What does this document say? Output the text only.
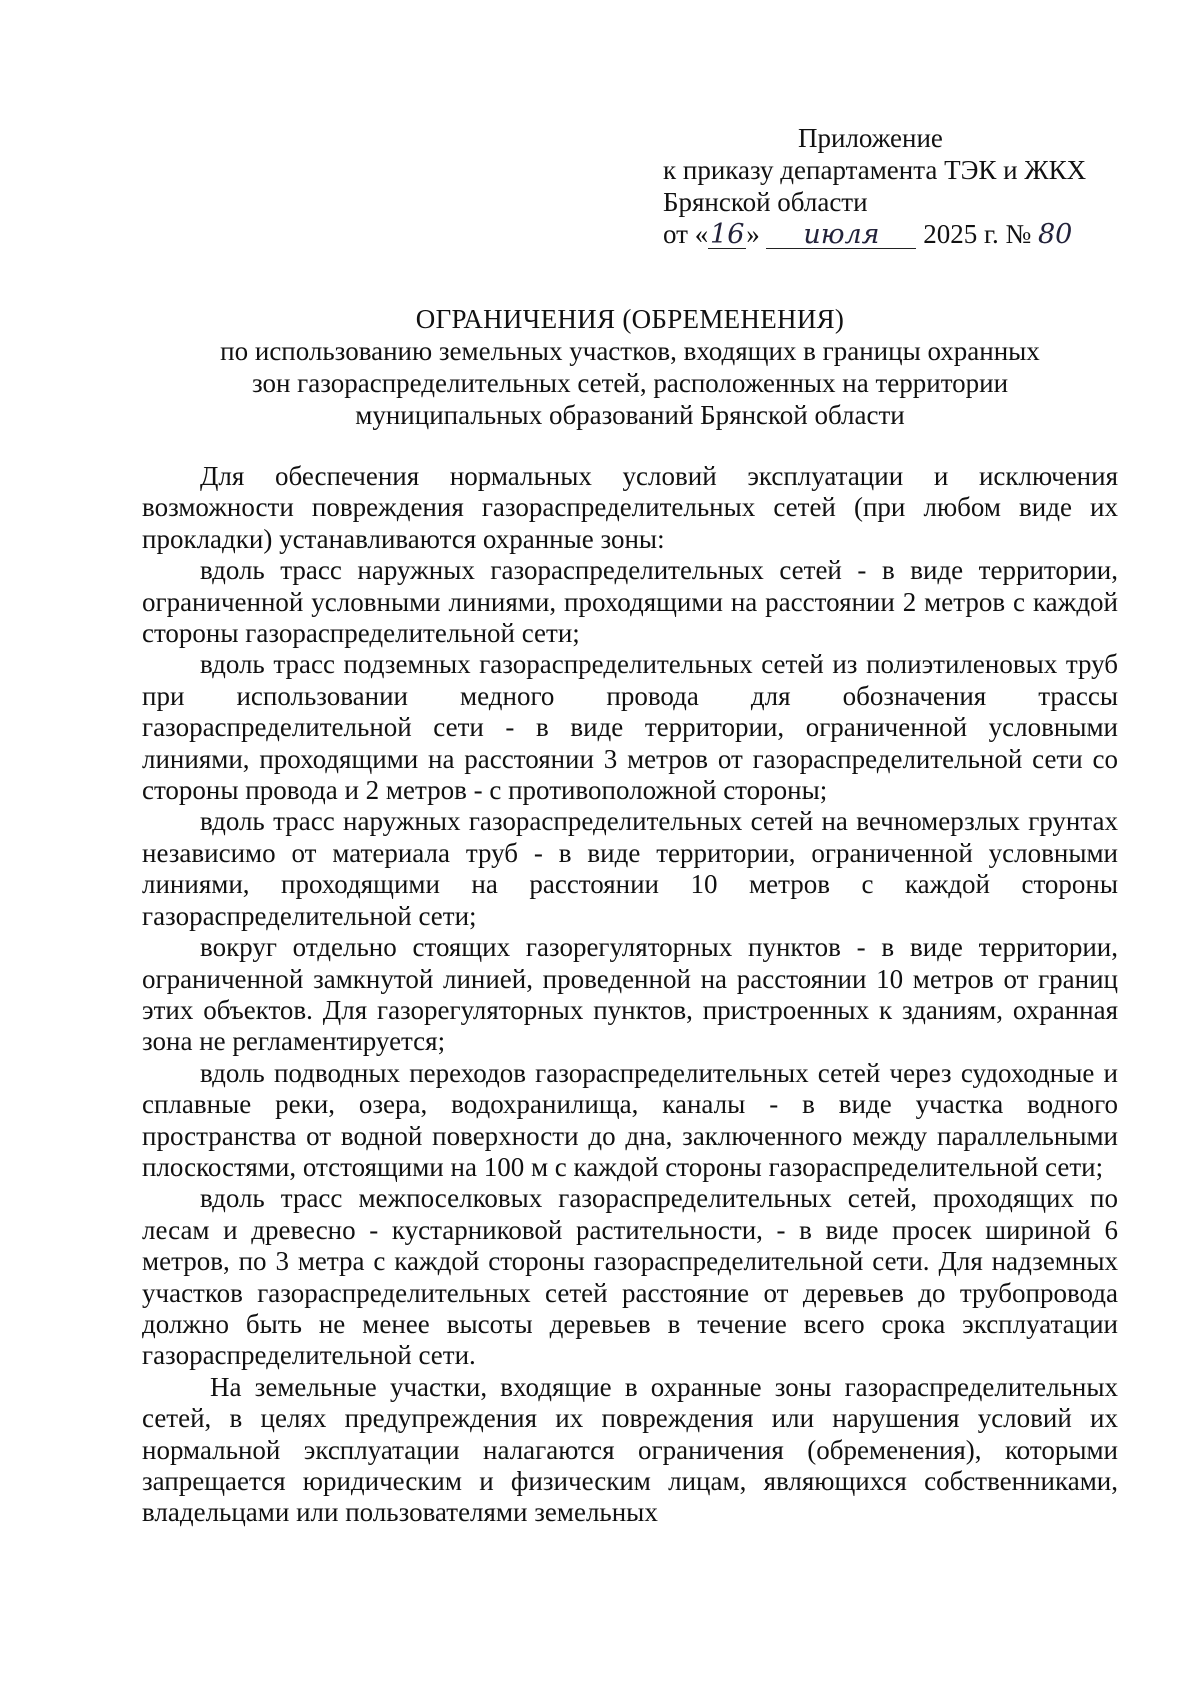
Приложение
к приказу департамента ТЭК и ЖКХ
Брянской области
от «16» июля 2025 г. № 80
ОГРАНИЧЕНИЯ (ОБРЕМЕНЕНИЯ)
по использованию земельных участков, входящих в границы охранных
зон газораспределительных сетей, расположенных на территории
муниципальных образований Брянской области

Для обеспечения нормальных условий эксплуатации и исключения возможности повреждения газораспределительных сетей (при любом виде их прокладки) устанавливаются охранные зоны:

вдоль трасс наружных газораспределительных сетей - в виде территории, ограниченной условными линиями, проходящими на расстоянии 2 метров с каждой стороны газораспределительной сети;

вдоль трасс подземных газораспределительных сетей из полиэтиленовых труб при использовании медного провода для обозначения трассы газораспределительной сети - в виде территории, ограниченной условными линиями, проходящими на расстоянии 3 метров от газораспределительной сети со стороны провода и 2 метров - с противоположной стороны;

вдоль трасс наружных газораспределительных сетей на вечномерзлых грунтах независимо от материала труб - в виде территории, ограниченной условными линиями, проходящими на расстоянии 10 метров с каждой стороны газораспределительной сети;

вокруг отдельно стоящих газорегуляторных пунктов - в виде территории, ограниченной замкнутой линией, проведенной на расстоянии 10 метров от границ этих объектов. Для газорегуляторных пунктов, пристроенных к зданиям, охранная зона не регламентируется;

вдоль подводных переходов газораспределительных сетей через судоходные и сплавные реки, озера, водохранилища, каналы - в виде участка водного пространства от водной поверхности до дна, заключенного между параллельными плоскостями, отстоящими на 100 м с каждой стороны газораспределительной сети;

вдоль трасс межпоселковых газораспределительных сетей, проходящих по лесам и древесно - кустарниковой растительности, - в виде просек шириной 6 метров, по 3 метра с каждой стороны газораспределительной сети. Для надземных участков газораспределительных сетей расстояние от деревьев до трубопровода должно быть не менее высоты деревьев в течение всего срока эксплуатации газораспределительной сети.

На земельные участки, входящие в охранные зоны газораспределительных сетей, в целях предупреждения их повреждения или нарушения условий их нормальной эксплуатации налагаются ограничения (обременения), которыми запрещается юридическим и физическим лицам, являющихся собственниками, владельцами или пользователями земельных
